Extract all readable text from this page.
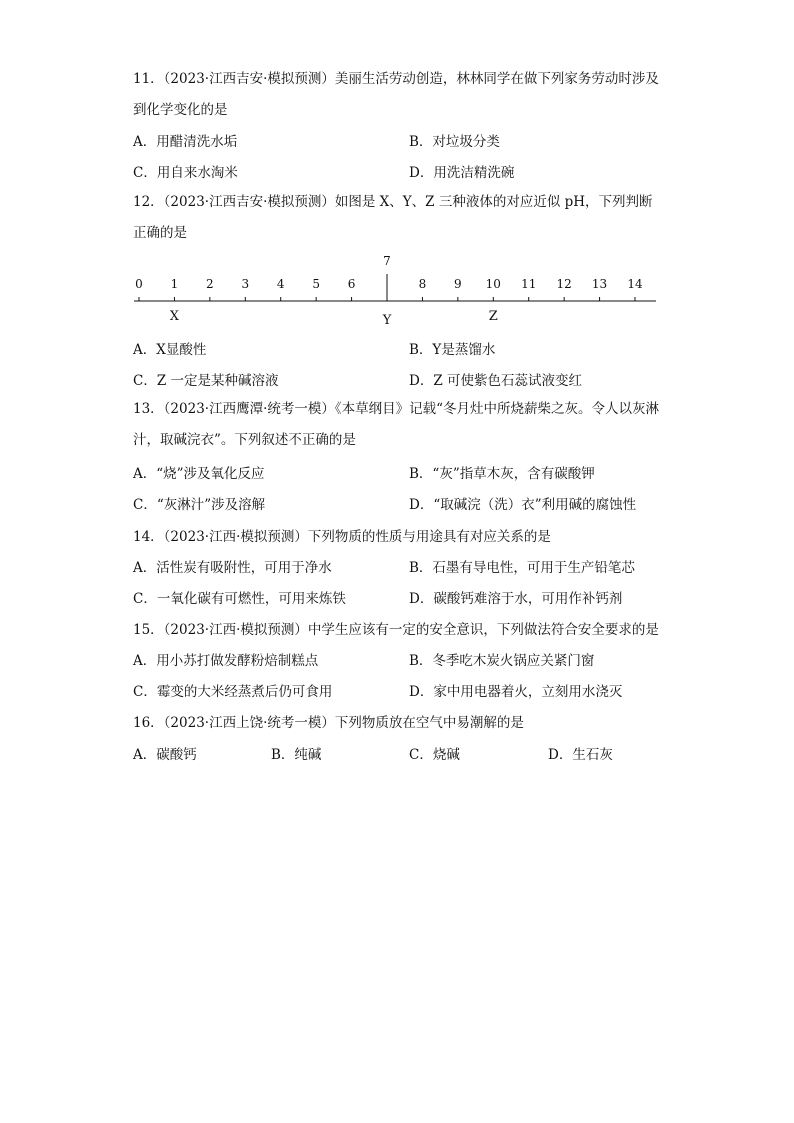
11．（2023·江西吉安·模拟预测）美丽生活劳动创造，林林同学在做下列家务劳动时涉及到化学变化的是

A．用醋清洗水垢	B．对垃圾分类
C．用自来水淘米	D．用洗洁精洗碗

12．（2023·江西吉安·模拟预测）如图是 X、Y、Z 三种液体的对应近似 pH，下列判断正确的是

0 1 2 3 4 5 6
7
8 9 10 11 12 13 14
X	Y	Z
A．X显酸性	B．Y是蒸馏水
C．Z 一定是某种碱溶液	D．Z 可使紫色石蕊试液变红

13．（2023·江西鹰潭·统考一模）《本草纲目》记载“冬月灶中所烧薪柴之灰。令人以灰淋汁，取碱浣衣”。下列叙述不正确的是

A．“烧”涉及氧化反应	B．“灰”指草木灰，含有碳酸钾
C．“灰淋汁”涉及溶解	D．“取碱浣（洗）衣”利用碱的腐蚀性
14．（2023·江西·模拟预测）下列物质的性质与用途具有对应关系的是
A．活性炭有吸附性，可用于净水	B．石墨有导电性，可用于生产铅笔芯
C．一氧化碳有可燃性，可用来炼铁	D．碳酸钙难溶于水，可用作补钙剂
15．（2023·江西·模拟预测）中学生应该有一定的安全意识，下列做法符合安全要求的是
A．用小苏打做发酵粉焙制糕点	B．冬季吃木炭火锅应关紧门窗
C．霉变的大米经蒸煮后仍可食用	D．家中用电器着火，立刻用水浇灭
16．（2023·江西上饶·统考一模）下列物质放在空气中易潮解的是
A．碳酸钙	B．纯碱	C．烧碱	D．生石灰
